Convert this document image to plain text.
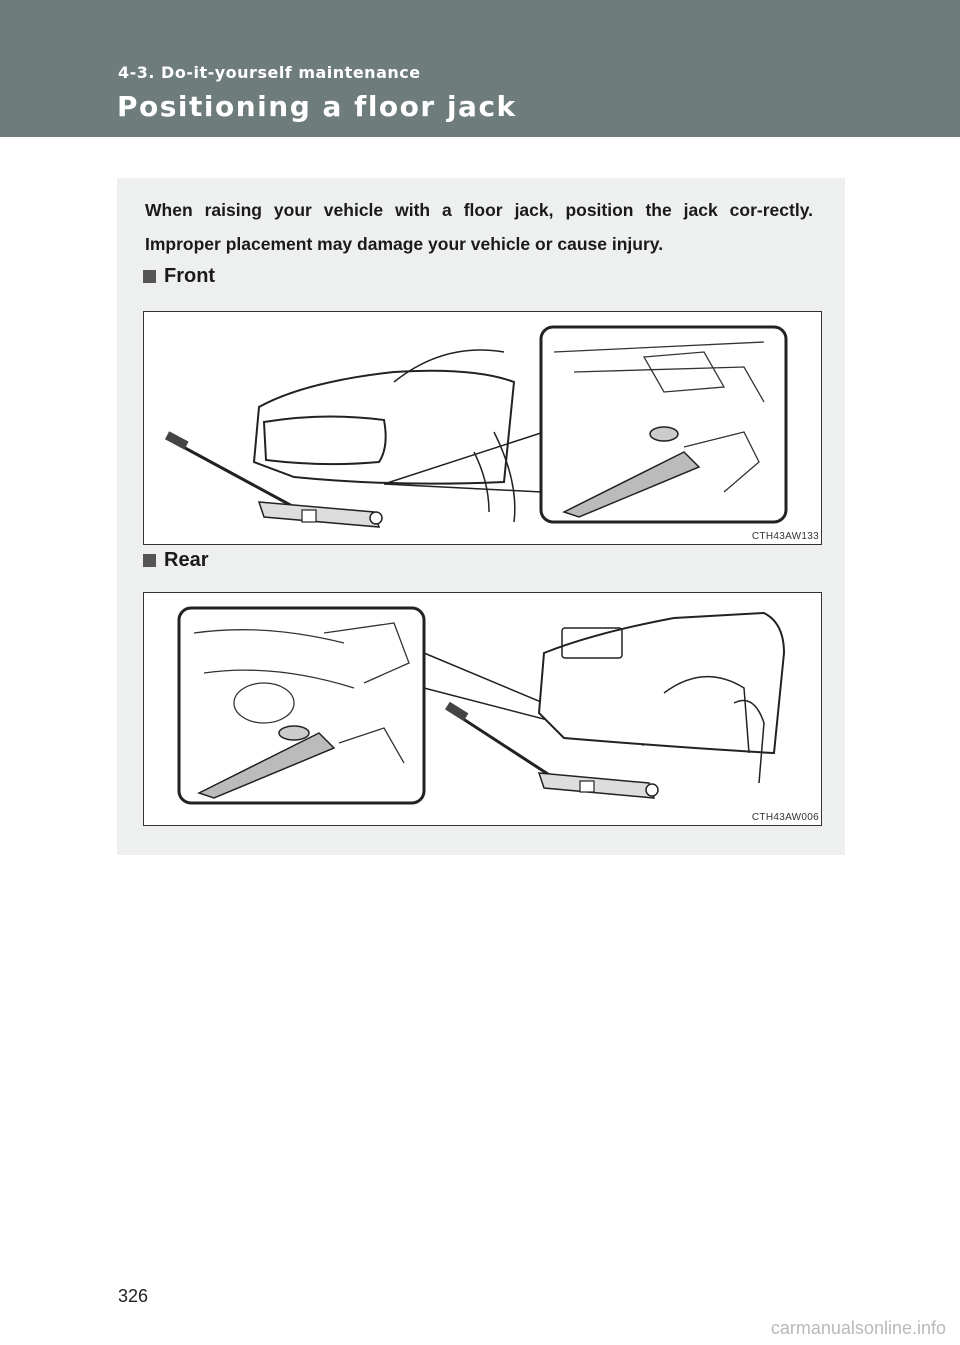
4-3. Do-it-yourself maintenance
Positioning a floor jack
When raising your vehicle with a floor jack, position the jack cor-rectly. Improper placement may damage your vehicle or cause injury.
Front
CTH43AW133
Rear
CTH43AW006
326
carmanualsonline.info
